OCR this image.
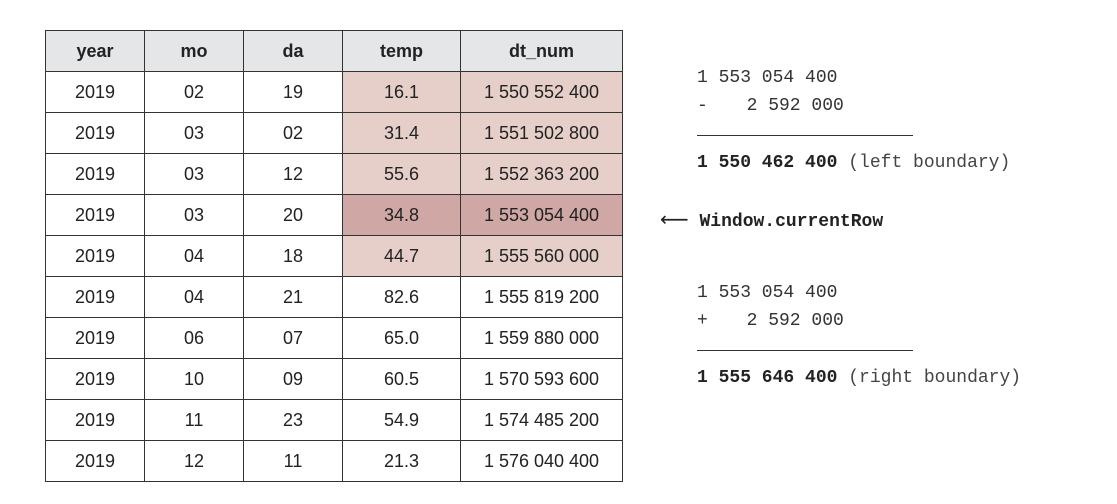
year	mo	da	temp	dt_num
2019	02	19	16.1	1 550 552 400
2019	03	02	31.4	1 551 502 800
2019	03	12	55.6	1 552 363 200
2019	03	20	34.8	1 553 054 400
2019	04	18	44.7	1 555 560 000
2019	04	21	82.6	1 555 819 200
2019	06	07	65.0	1 559 880 000
2019	10	09	60.5	1 570 593 600
2019	11	23	54.9	1 574 485 200
2019	12	11	21.3	1 576 040 400

1 553 054 400

-

2 592 000

1 550 462 400 (left boundary)
⟵ Window.currentRow

1 553 054 400

+

2 592 000

1 555 646 400 (right boundary)
